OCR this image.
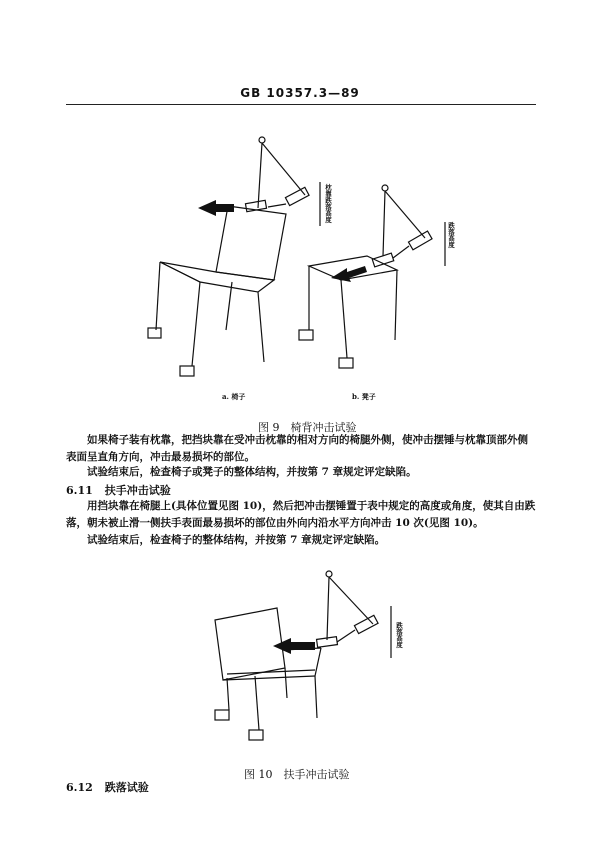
GB 10357.3—89
枕靠跌落高度
a. 椅子
跌落高度
b. 凳子
图 9　椅背冲击试验
如果椅子装有枕靠，把挡块靠在受冲击枕靠的相对方向的椅腿外侧，使冲击摆锤与枕靠顶部外侧表面呈直角方向，冲击最易损坏的部位。
试验结束后，检查椅子或凳子的整体结构，并按第 7 章规定评定缺陷。
6.11 扶手冲击试验
用挡块靠在椅腿上(具体位置见图 10)，然后把冲击摆锤置于表中规定的高度或角度，使其自由跌落，朝未被止滑一侧扶手表面最易损坏的部位由外向内沿水平方向冲击 10 次(见图 10)。
试验结束后，检查椅子的整体结构，并按第 7 章规定评定缺陷。
跌落高度
图 10　扶手冲击试验
6.12 跌落试验
